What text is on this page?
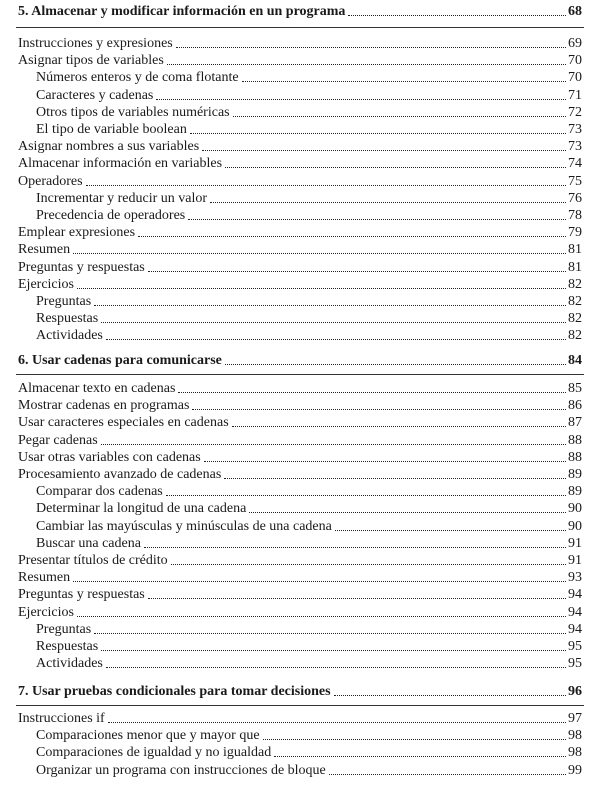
5. Almacenar y modificar información en un programa	68
Instrucciones y expresiones	69
Asignar tipos de variables	70
Números enteros y de coma flotante	70
Caracteres y cadenas	71
Otros tipos de variables numéricas	72
El tipo de variable boolean	73
Asignar nombres a sus variables	73
Almacenar información en variables	74
Operadores	75
Incrementar y reducir un valor	76
Precedencia de operadores	78
Emplear expresiones	79
Resumen	81
Preguntas y respuestas	81
Ejercicios	82
Preguntas	82
Respuestas	82
Actividades	82
6. Usar cadenas para comunicarse	84
Almacenar texto en cadenas	85
Mostrar cadenas en programas	86
Usar caracteres especiales en cadenas	87
Pegar cadenas	88
Usar otras variables con cadenas	88
Procesamiento avanzado de cadenas	89
Comparar dos cadenas	89
Determinar la longitud de una cadena	90
Cambiar las mayúsculas y minúsculas de una cadena	90
Buscar una cadena	91
Presentar títulos de crédito	91
Resumen	93
Preguntas y respuestas	94
Ejercicios	94
Preguntas	94
Respuestas	95
Actividades	95
7. Usar pruebas condicionales para tomar decisiones	96
Instrucciones if	97
Comparaciones menor que y mayor que	98
Comparaciones de igualdad y no igualdad	98
Organizar un programa con instrucciones de bloque	99
